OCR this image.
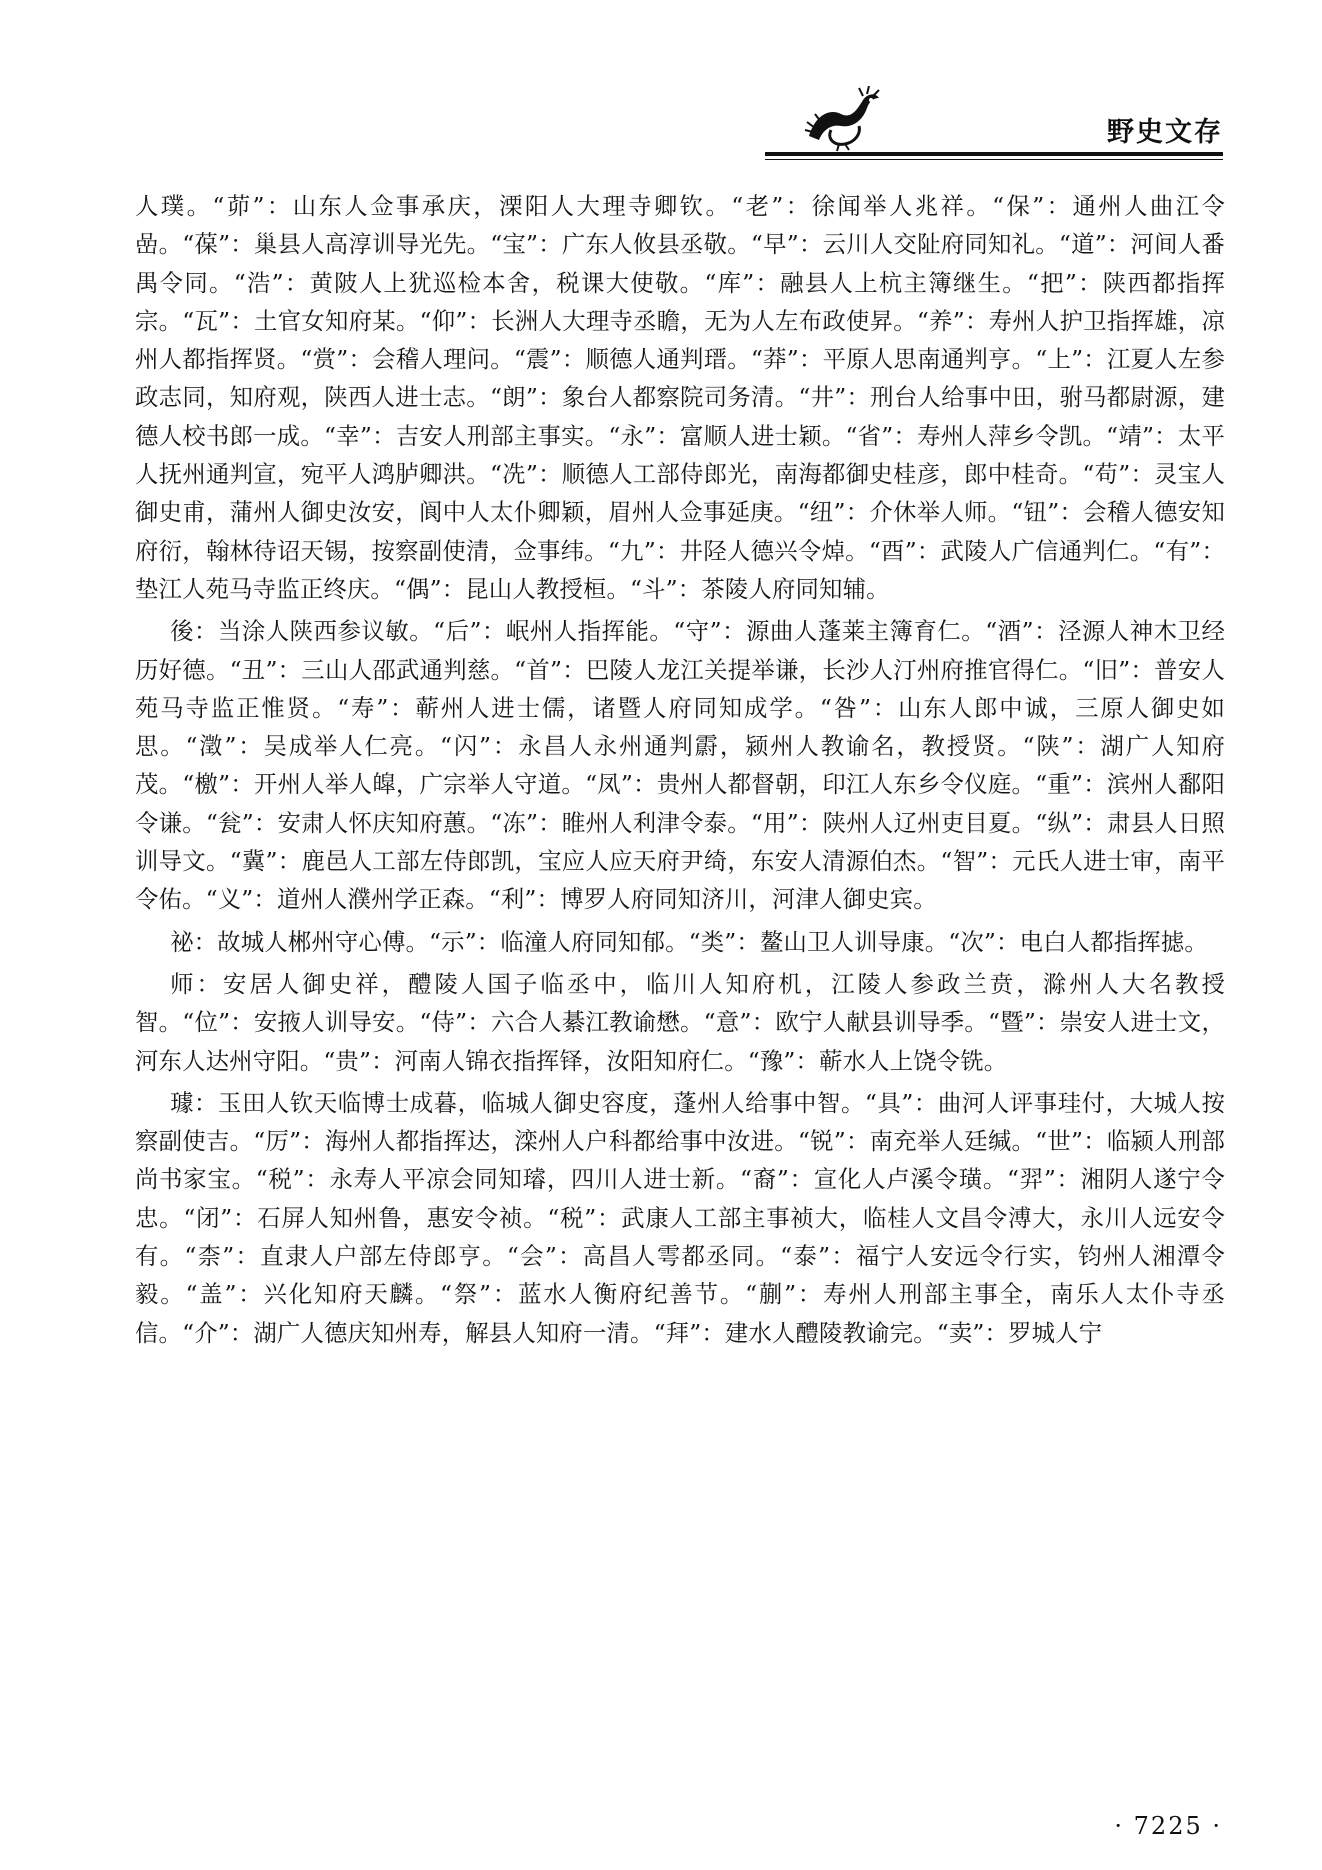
野史文存

人璞。“茆”：山东人佥事承庆，溧阳人大理寺卿钦。“老”：徐闻举人兆祥。“保”：通州人曲江令嵒。“葆”：巢县人高淳训导光先。“宝”：广东人攸县丞敬。“早”：云川人交阯府同知礼。“道”：河间人番禺令同。“浩”：黄陂人上犹巡检本舍，税课大使敬。“库”：融县人上杭主簿继生。“把”：陕西都指挥宗。“瓦”：土官女知府某。“仰”：长洲人大理寺丞瞻，无为人左布政使昇。“养”：寿州人护卫指挥雄，凉州人都指挥贤。“赏”：会稽人理问。“震”：顺德人通判瑨。“莽”：平原人思南通判亨。“上”：江夏人左参政志同，知府观，陕西人进士志。“朗”：象台人都察院司务清。“井”：刑台人给事中田，驸马都尉源，建德人校书郎一成。“幸”：吉安人刑部主事实。“永”：富顺人进士颖。“省”：寿州人萍乡令凯。“靖”：太平人抚州通判宣，宛平人鸿胪卿洪。“冼”：顺德人工部侍郎光，南海都御史桂彦，郎中桂奇。“苟”：灵宝人御史甫，蒲州人御史汝安，阆中人太仆卿颖，眉州人佥事延庚。“纽”：介休举人师。“钮”：会稽人德安知府衍，翰林待诏天锡，按察副使清，佥事纬。“九”：井陉人德兴令焯。“酉”：武陵人广信通判仁。“有”：垫江人苑马寺监正终庆。“偶”：昆山人教授桓。“斗”：茶陵人府同知辅。

後：当涂人陕西参议敏。“后”：岷州人指挥能。“守”：源曲人蓬莱主簿育仁。“酒”：泾源人神木卫经历好德。“丑”：三山人邵武通判慈。“首”：巴陵人龙江关提举谦，长沙人汀州府推官得仁。“旧”：普安人苑马寺监正惟贤。“寿”：蕲州人进士儒，诸暨人府同知成学。“咎”：山东人郎中诚，三原人御史如思。“澂”：吴成举人仁亮。“闪”：永昌人永州通判霨，颍州人教谕名，教授贤。“陕”：湖广人知府茂。“檄”：开州人举人皡，广宗举人守道。“凤”：贵州人都督朝，印江人东乡令仪庭。“重”：滨州人鄱阳令谦。“瓮”：安肃人怀庆知府蕙。“冻”：睢州人利津令泰。“用”：陕州人辽州吏目夏。“纵”：肃县人日照训导文。“冀”：鹿邑人工部左侍郎凯，宝应人应天府尹绮，东安人清源伯杰。“智”：元氏人进士审，南平令佑。“义”：道州人濮州学正森。“利”：博罗人府同知济川，河津人御史宾。

祕：故城人郴州守心傅。“示”：临潼人府同知郁。“类”：鳌山卫人训导康。“次”：电白人都指挥摅。

师：安居人御史祥，醴陵人国子临丞中，临川人知府机，江陵人参政兰贲，滁州人大名教授智。“位”：安掖人训导安。“侍”：六合人綦江教谕懋。“意”：欧宁人献县训导季。“暨”：崇安人进士文，河东人达州守阳。“贵”：河南人锦衣指挥铎，汝阳知府仁。“豫”：蕲水人上饶令铣。

璩：玉田人钦天临博士成暮，临城人御史容度，蓬州人给事中智。“具”：曲河人评事珪付，大城人按察副使吉。“厉”：海州人都指挥达，滦州人户科都给事中汝进。“锐”：南充举人廷缄。“世”：临颍人刑部尚书家宝。“税”：永寿人平凉会同知璿，四川人进士新。“裔”：宣化人卢溪令璜。“羿”：湘阴人遂宁令忠。“闭”：石屏人知州鲁，惠安令祯。“税”：武康人工部主事祯大，临桂人文昌令溥大，永川人远安令有。“柰”：直隶人户部左侍郎亨。“会”：高昌人雩都丞同。“泰”：福宁人安远令行实，钧州人湘潭令毅。“盖”：兴化知府天麟。“祭”：蓝水人衡府纪善节。“蒯”：寿州人刑部主事全，南乐人太仆寺丞信。“介”：湖广人德庆知州寿，解县人知府一清。“拜”：建水人醴陵教谕完。“卖”：罗城人宁

· 7225 ·
